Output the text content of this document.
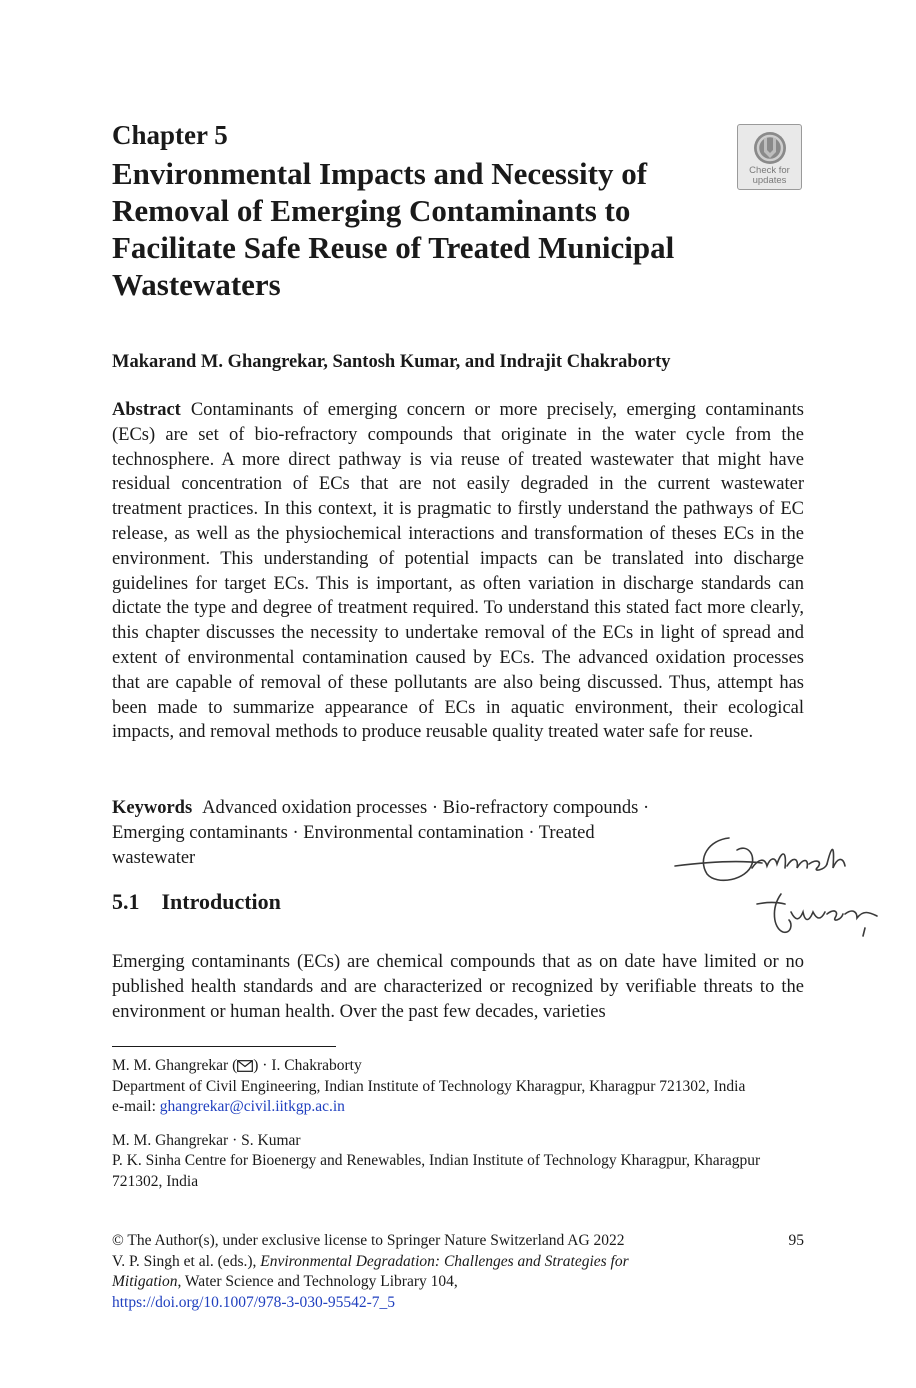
Chapter 5
Environmental Impacts and Necessity of Removal of Emerging Contaminants to Facilitate Safe Reuse of Treated Municipal Wastewaters
Check for
updates
Makarand M. Ghangrekar, Santosh Kumar, and Indrajit Chakraborty
Abstract Contaminants of emerging concern or more precisely, emerging contaminants (ECs) are set of bio-refractory compounds that originate in the water cycle from the technosphere. A more direct pathway is via reuse of treated wastewater that might have residual concentration of ECs that are not easily degraded in the current wastewater treatment practices. In this context, it is pragmatic to firstly understand the pathways of EC release, as well as the physiochemical interactions and transformation of theses ECs in the environment. This understanding of potential impacts can be translated into discharge guidelines for target ECs. This is important, as often variation in discharge standards can dictate the type and degree of treatment required. To understand this stated fact more clearly, this chapter discusses the necessity to undertake removal of the ECs in light of spread and extent of environmental contamination caused by ECs. The advanced oxidation processes that are capable of removal of these pollutants are also being discussed. Thus, attempt has been made to summarize appearance of ECs in aquatic environment, their ecological impacts, and removal methods to produce reusable quality treated water safe for reuse.
Keywords Advanced oxidation processes · Bio-refractory compounds · Emerging contaminants · Environmental contamination · Treated wastewater
5.1 Introduction
Emerging contaminants (ECs) are chemical compounds that as on date have limited or no published health standards and are characterized or recognized by verifiable threats to the environment or human health. Over the past few decades, varieties

M. M. Ghangrekar ( ) · I. Chakraborty

Department of Civil Engineering, Indian Institute of Technology Kharagpur, Kharagpur 721302, India

e-mail: ghangrekar@civil.iitkgp.ac.in

M. M. Ghangrekar · S. Kumar

P. K. Sinha Centre for Bioenergy and Renewables, Indian Institute of Technology Kharagpur, Kharagpur 721302, India

95

© The Author(s), under exclusive license to Springer Nature Switzerland AG 2022

V. P. Singh et al. (eds.), Environmental Degradation: Challenges and Strategies for Mitigation, Water Science and Technology Library 104,

https://doi.org/10.1007/978-3-030-95542-7_5
